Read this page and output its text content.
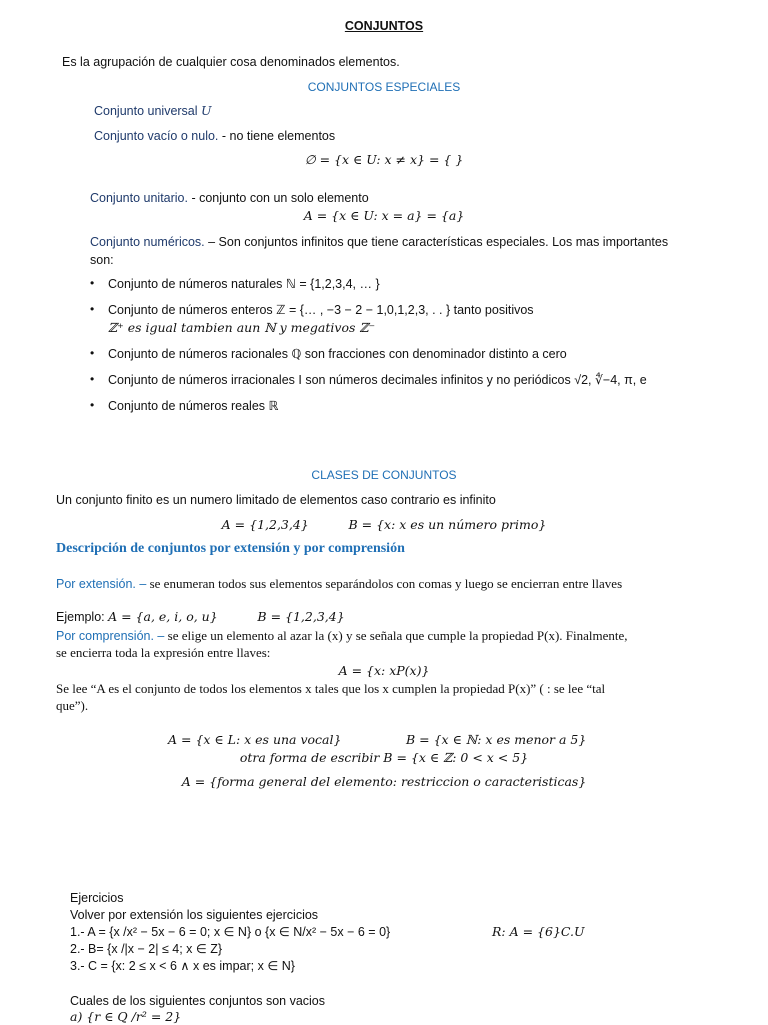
CONJUNTOS
Es la agrupación de cualquier cosa denominados elementos.
CONJUNTOS ESPECIALES
Conjunto universal U
Conjunto vacío o nulo. - no tiene elementos
∅ = {x ∈ U: x ≠ x} = { }
Conjunto unitario. - conjunto con un solo elemento
A = {x ∈ U: x = a} = {a}
Conjunto numéricos. – Son conjuntos infinitos que tiene características especiales. Los mas importantes
son:
• Conjunto de números naturales ℕ = {1,2,3,4, … }
• Conjunto de números enteros ℤ = {… , −3 − 2 − 1,0,1,2,3, . . } tanto positivos
ℤ⁺ es igual tambien aun ℕ y megativos ℤ⁻
• Conjunto de números racionales ℚ son fracciones con denominador distinto a cero
• Conjunto de números irracionales I son números decimales infinitos y no periódicos √2, ∜−4, π, e
• Conjunto de números reales ℝ
CLASES DE CONJUNTOS
Un conjunto finito es un numero limitado de elementos caso contrario es infinito
A = {1,2,3,4}          B = {x: x es un número primo}
Descripción de conjuntos por extensión y por comprensión
Por extensión. – se enumeran todos sus elementos separándolos con comas y luego se encierran entre llaves
Ejemplo: A = {a, e, i, o, u}          B = {1,2,3,4}
Por comprensión. – se elige un elemento al azar la (x) y se señala que cumple la propiedad P(x). Finalmente,
se encierra toda la expresión entre llaves:
A = {x: xP(x)}
Se lee “A es el conjunto de todos los elementos x tales que los x cumplen la propiedad P(x)” ( : se lee “tal
que”).
A = {x ∈ L: x es una vocal}	B = {x ∈ ℕ: x es menor a 5}
otra forma de escribir B = {x ∈ ℤ: 0 < x < 5}
A = {forma general del elemento: restriccion o caracteristicas}
Ejercicios
Volver por extensión los siguientes ejercicios
1.- A = {x /x² − 5x − 6 = 0; x ∈ N} o {x ∈ N/x² − 5x − 6 = 0}	R: A = {6}C.U
2.- B= {x /|x − 2| ≤ 4; x ∈ Z}
3.- C = {x: 2 ≤ x < 6 ∧ x es impar; x ∈ N}
Cuales de los siguientes conjuntos son vacios
a) {r ∈ Q /r² = 2}
